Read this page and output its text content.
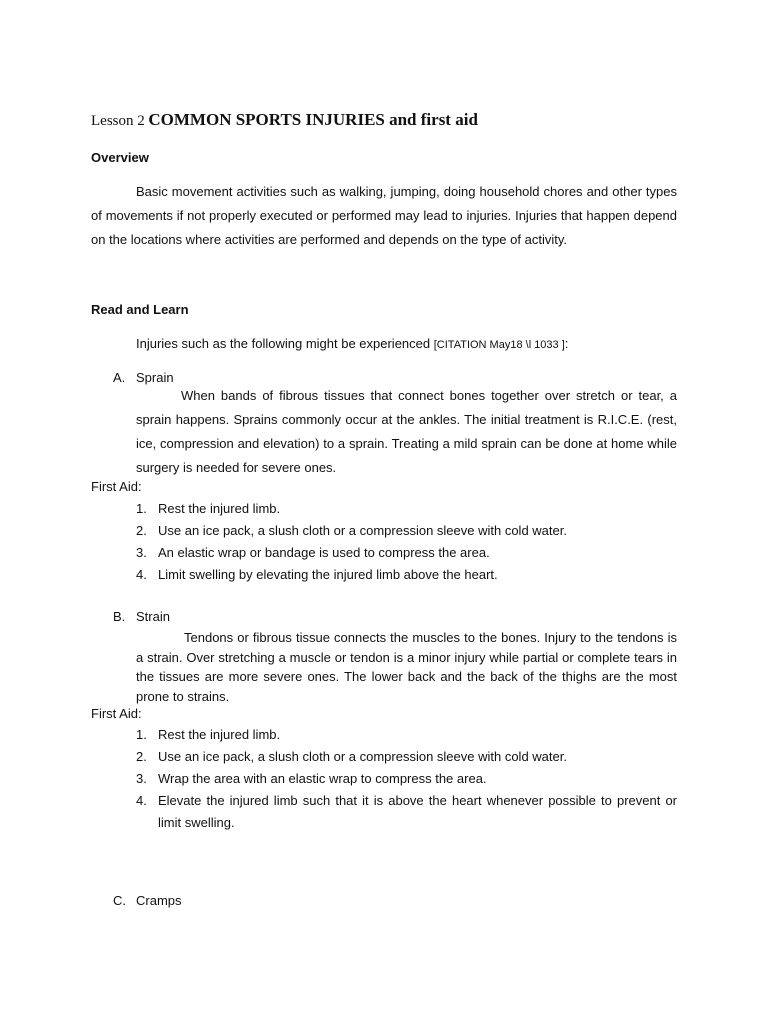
Lesson 2 COMMON SPORTS INJURIES and first aid
Overview
Basic movement activities such as walking, jumping, doing household chores and other types of movements if not properly executed or performed may lead to injuries. Injuries that happen depend on the locations where activities are performed and depends on the type of activity.
Read and Learn
Injuries such as the following might be experienced [CITATION May18 \l 1033 ]:
A. Sprain
When bands of fibrous tissues that connect bones together over stretch or tear, a sprain happens. Sprains commonly occur at the ankles. The initial treatment is R.I.C.E. (rest, ice, compression and elevation) to a sprain. Treating a mild sprain can be done at home while surgery is needed for severe ones.
First Aid:
1. Rest the injured limb.
2. Use an ice pack, a slush cloth or a compression sleeve with cold water.
3. An elastic wrap or bandage is used to compress the area.
4. Limit swelling by elevating the injured limb above the heart.
B. Strain
Tendons or fibrous tissue connects the muscles to the bones. Injury to the tendons is a strain. Over stretching a muscle or tendon is a minor injury while partial or complete tears in the tissues are more severe ones. The lower back and the back of the thighs are the most prone to strains.
First Aid:
1. Rest the injured limb.
2. Use an ice pack, a slush cloth or a compression sleeve with cold water.
3. Wrap the area with an elastic wrap to compress the area.
4. Elevate the injured limb such that it is above the heart whenever possible to prevent or limit swelling.
C. Cramps
